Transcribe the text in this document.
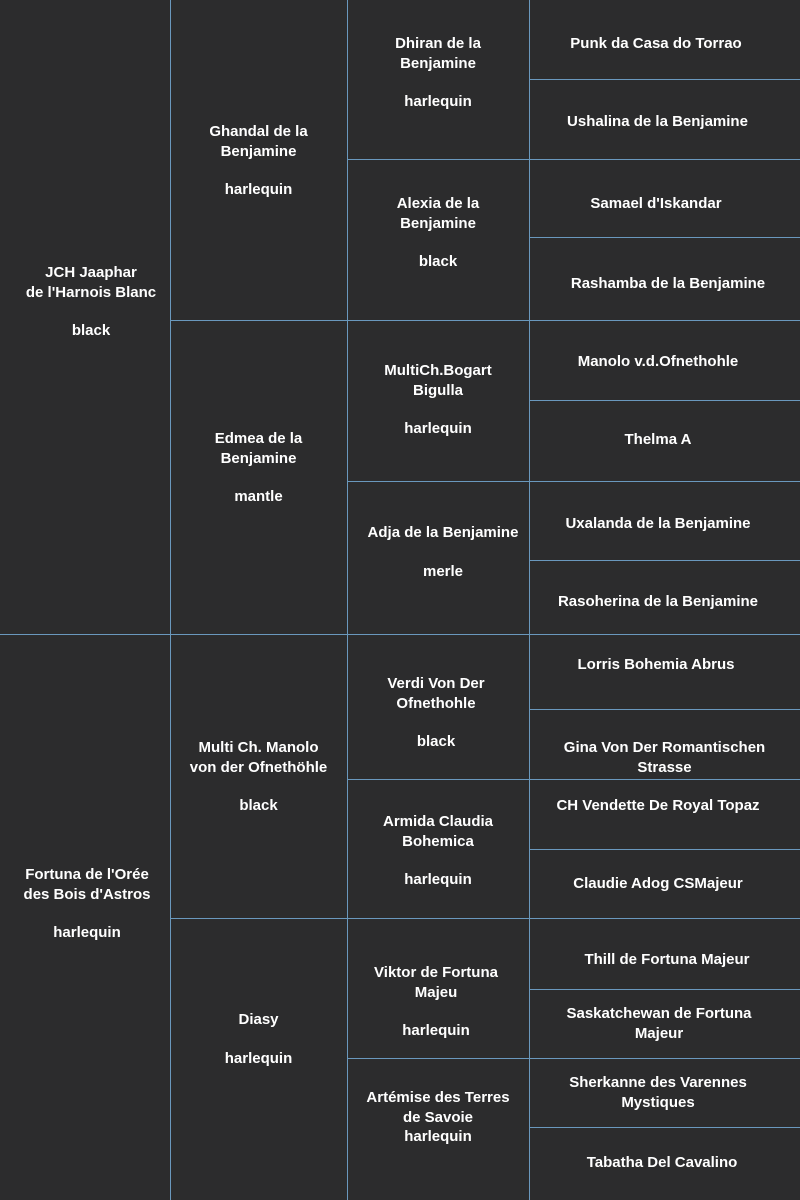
JCH Jaaphar
de l'Harnois Blanc
black
Fortuna de l'Orée
des Bois d'Astros
harlequin
Ghandal de la
Benjamine
harlequin
Edmea de la
Benjamine
mantle
Multi Ch. Manolo
von der Ofnethöhle
black
Diasy
harlequin
Dhiran de la
Benjamine
harlequin
Alexia de la
Benjamine
black
MultiCh.Bogart
Bigulla
harlequin
Adja de la Benjamine
merle
Verdi Von Der
Ofnethohle
black
Armida Claudia
Bohemica
harlequin
Viktor de Fortuna
Majeu
harlequin
Artémise des Terres
de Savoie
harlequin
Punk da Casa do Torrao
Ushalina de la Benjamine
Samael d'Iskandar
Rashamba de la Benjamine
Manolo v.d.Ofnethohle
Thelma A
Uxalanda de la Benjamine
Rasoherina de la Benjamine
Lorris Bohemia Abrus
Gina Von Der Romantischen
Strasse
CH Vendette De Royal Topaz
Claudie Adog CSMajeur
Thill de Fortuna Majeur
Saskatchewan de Fortuna
Majeur
Sherkanne des Varennes
Mystiques
Tabatha Del Cavalino
